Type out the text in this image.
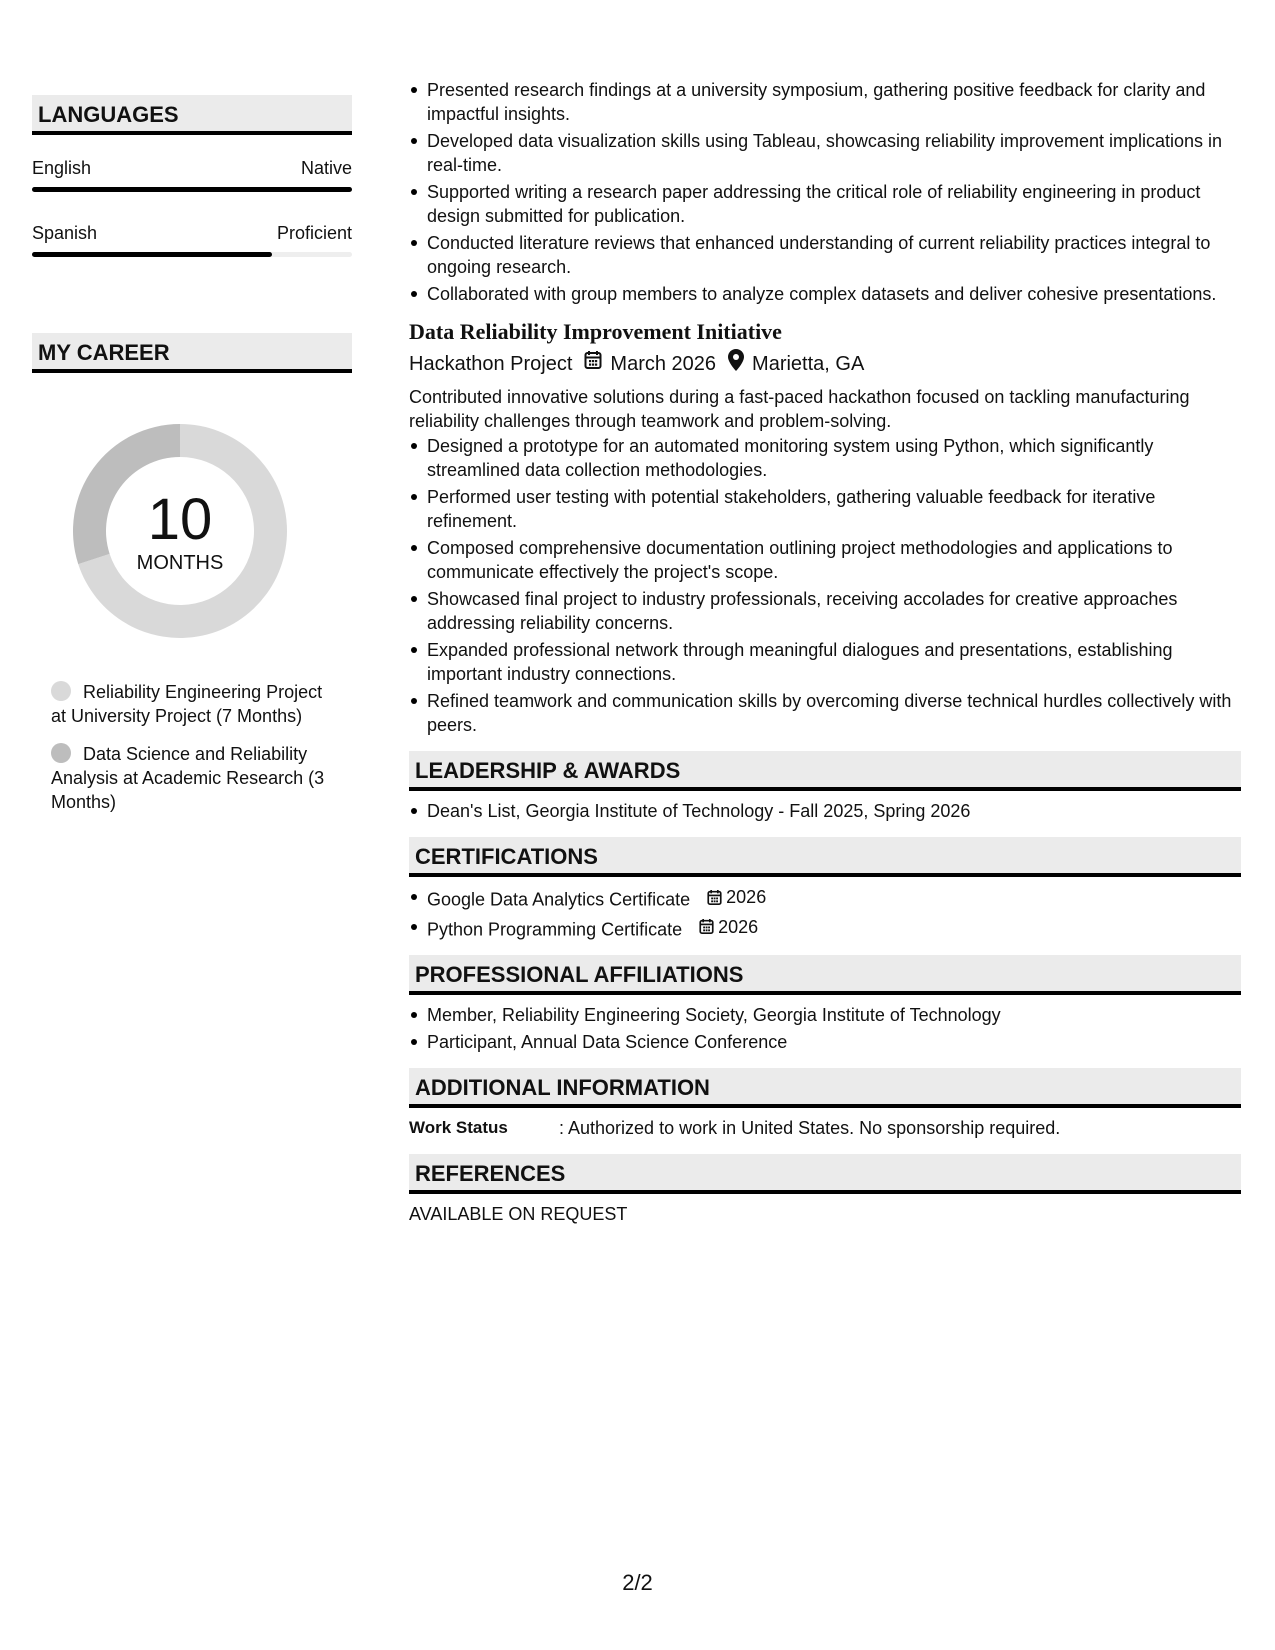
LANGUAGES
English	Native
Spanish	Proficient
MY CAREER
10
MONTHS
Reliability Engineering Project at University Project (7 Months)
Data Science and Reliability Analysis at Academic Research (3 Months)
Presented research findings at a university symposium, gathering positive feedback for clarity and impactful insights.
Developed data visualization skills using Tableau, showcasing reliability improvement implications in real-time.
Supported writing a research paper addressing the critical role of reliability engineering in product design submitted for publication.
Conducted literature reviews that enhanced understanding of current reliability practices integral to ongoing research.
Collaborated with group members to analyze complex datasets and deliver cohesive presentations.
Data Reliability Improvement Initiative
Hackathon Project March 2026 Marietta, GA
Contributed innovative solutions during a fast-paced hackathon focused on tackling manufacturing reliability challenges through teamwork and problem-solving.
Designed a prototype for an automated monitoring system using Python, which significantly streamlined data collection methodologies.
Performed user testing with potential stakeholders, gathering valuable feedback for iterative refinement.
Composed comprehensive documentation outlining project methodologies and applications to communicate effectively the project's scope.
Showcased final project to industry professionals, receiving accolades for creative approaches addressing reliability concerns.
Expanded professional network through meaningful dialogues and presentations, establishing important industry connections.
Refined teamwork and communication skills by overcoming diverse technical hurdles collectively with peers.
LEADERSHIP & AWARDS
Dean's List, Georgia Institute of Technology - Fall 2025, Spring 2026
CERTIFICATIONS
Google Data Analytics Certificate 2026
Python Programming Certificate 2026
PROFESSIONAL AFFILIATIONS
Member, Reliability Engineering Society, Georgia Institute of Technology
Participant, Annual Data Science Conference
ADDITIONAL INFORMATION
Work Status	: Authorized to work in United States. No sponsorship required.
REFERENCES
AVAILABLE ON REQUEST
2/2
